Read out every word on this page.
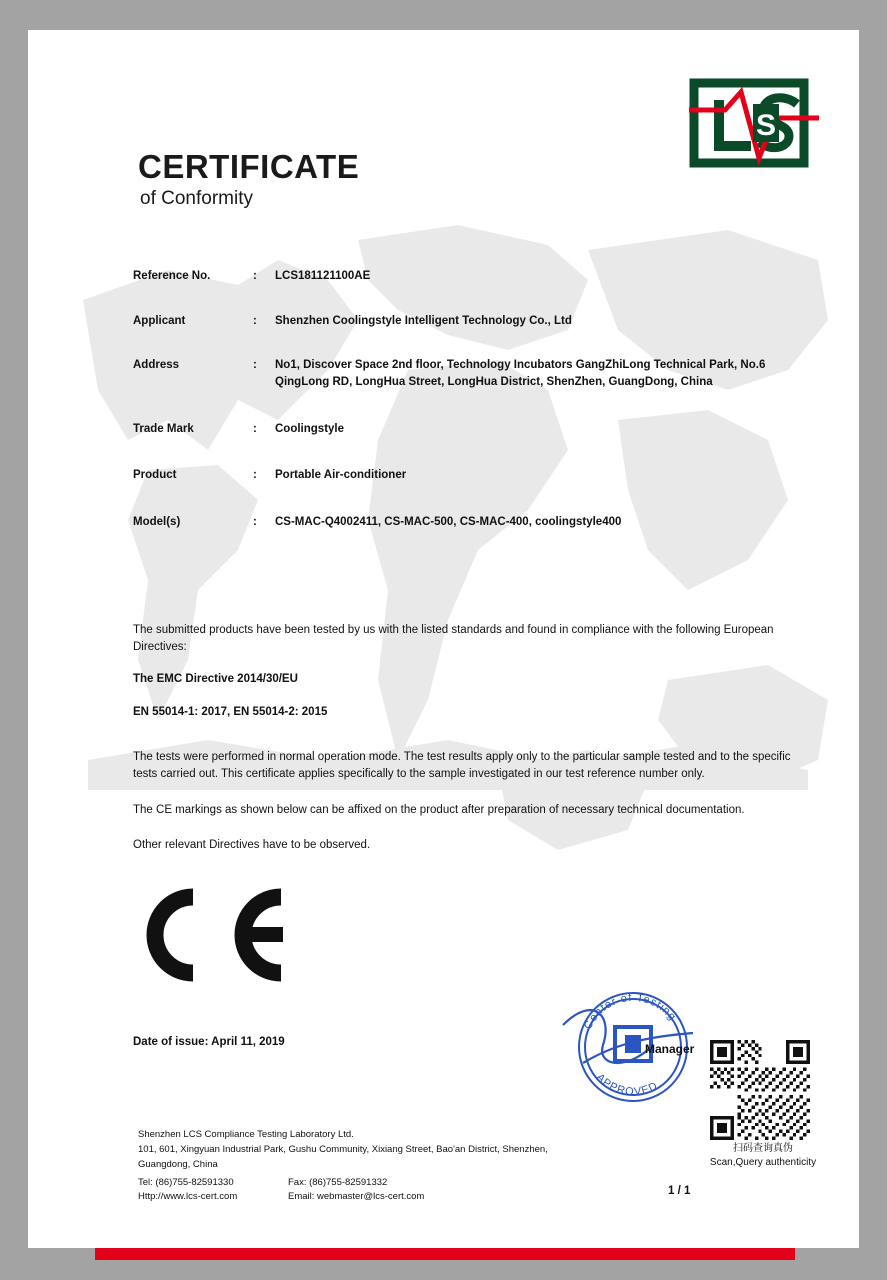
S
CERTIFICATE
of Conformity
Reference No.	:	LCS181121100AE
Applicant	:	Shenzhen Coolingstyle Intelligent Technology Co., Ltd
Address	:	No1, Discover Space 2nd floor, Technology Incubators GangZhiLong Technical Park, No.6 QingLong RD, LongHua Street, LongHua District, ShenZhen, GuangDong, China
Trade Mark	:	Coolingstyle
Product	:	Portable Air-conditioner
Model(s)	:	CS-MAC-Q4002411, CS-MAC-500, CS-MAC-400, coolingstyle400
The submitted products have been tested by us with the listed standards and found in compliance with the following European Directives:
The EMC Directive 2014/30/EU
EN 55014-1: 2017, EN 55014-2: 2015
The tests were performed in normal operation mode. The test results apply only to the particular sample tested and to the specific tests carried out. This certificate applies specifically to the sample investigated in our test reference number only.
The CE markings as shown below can be affixed on the product after preparation of necessary technical documentation.
Other relevant Directives have to be observed.
Date of issue: April 11, 2019
Center of Testing
APPROVED
Manager
扫码查询真伪
Scan,Query authenticity
Shenzhen LCS Compliance Testing Laboratory Ltd.
101, 601, Xingyuan Industrial Park, Gushu Community, Xixiang Street, Bao'an District, Shenzhen,
Guangdong, China
Tel: (86)755-82591330	Fax: (86)755-82591332
Http://www.lcs-cert.com	Email: webmaster@lcs-cert.com	1 / 1
